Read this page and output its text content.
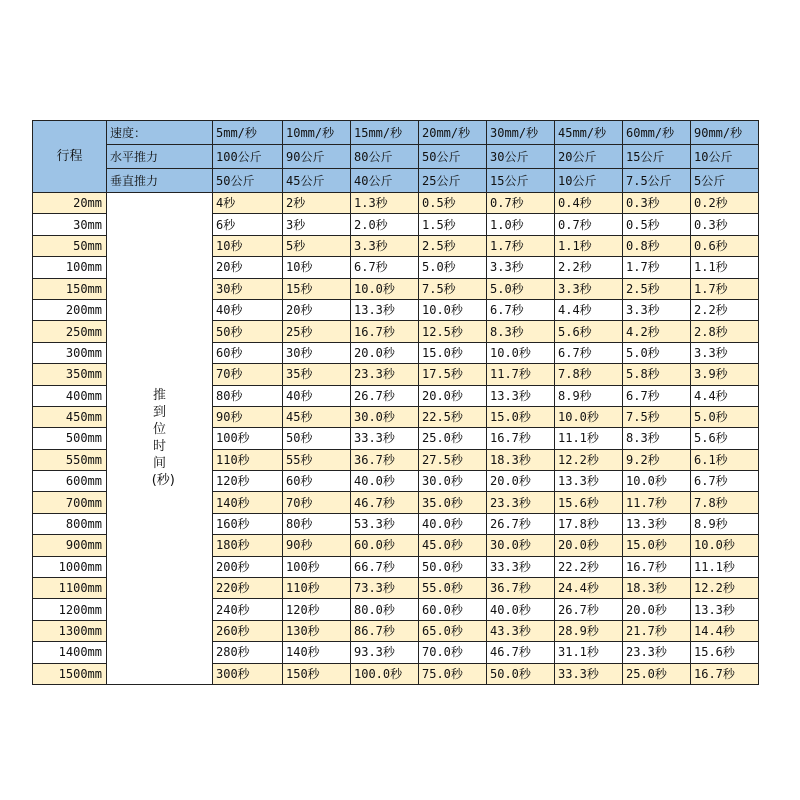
行程	速度：	5mm/秒	10mm/秒	15mm/秒	20mm/秒	30mm/秒	45mm/秒	60mm/秒	90mm/秒
	水平推力	100公斤	90公斤	80公斤	50公斤	30公斤	20公斤	15公斤	10公斤
	垂直推力	50公斤	45公斤	40公斤	25公斤	15公斤	10公斤	7.5公斤	5公斤
20mm	推到位时间(秒)	4秒	2秒	1.3秒	0.5秒	0.7秒	0.4秒	0.3秒	0.2秒
30mm		6秒	3秒	2.0秒	1.5秒	1.0秒	0.7秒	0.5秒	0.3秒
50mm		10秒	5秒	3.3秒	2.5秒	1.7秒	1.1秒	0.8秒	0.6秒
100mm		20秒	10秒	6.7秒	5.0秒	3.3秒	2.2秒	1.7秒	1.1秒
150mm		30秒	15秒	10.0秒	7.5秒	5.0秒	3.3秒	2.5秒	1.7秒
200mm		40秒	20秒	13.3秒	10.0秒	6.7秒	4.4秒	3.3秒	2.2秒
250mm		50秒	25秒	16.7秒	12.5秒	8.3秒	5.6秒	4.2秒	2.8秒
300mm		60秒	30秒	20.0秒	15.0秒	10.0秒	6.7秒	5.0秒	3.3秒
350mm		70秒	35秒	23.3秒	17.5秒	11.7秒	7.8秒	5.8秒	3.9秒
400mm		80秒	40秒	26.7秒	20.0秒	13.3秒	8.9秒	6.7秒	4.4秒
450mm		90秒	45秒	30.0秒	22.5秒	15.0秒	10.0秒	7.5秒	5.0秒
500mm		100秒	50秒	33.3秒	25.0秒	16.7秒	11.1秒	8.3秒	5.6秒
550mm		110秒	55秒	36.7秒	27.5秒	18.3秒	12.2秒	9.2秒	6.1秒
600mm		120秒	60秒	40.0秒	30.0秒	20.0秒	13.3秒	10.0秒	6.7秒
700mm		140秒	70秒	46.7秒	35.0秒	23.3秒	15.6秒	11.7秒	7.8秒
800mm		160秒	80秒	53.3秒	40.0秒	26.7秒	17.8秒	13.3秒	8.9秒
900mm		180秒	90秒	60.0秒	45.0秒	30.0秒	20.0秒	15.0秒	10.0秒
1000mm		200秒	100秒	66.7秒	50.0秒	33.3秒	22.2秒	16.7秒	11.1秒
1100mm		220秒	110秒	73.3秒	55.0秒	36.7秒	24.4秒	18.3秒	12.2秒
1200mm		240秒	120秒	80.0秒	60.0秒	40.0秒	26.7秒	20.0秒	13.3秒
1300mm		260秒	130秒	86.7秒	65.0秒	43.3秒	28.9秒	21.7秒	14.4秒
1400mm		280秒	140秒	93.3秒	70.0秒	46.7秒	31.1秒	23.3秒	15.6秒
1500mm		300秒	150秒	100.0秒	75.0秒	50.0秒	33.3秒	25.0秒	16.7秒
